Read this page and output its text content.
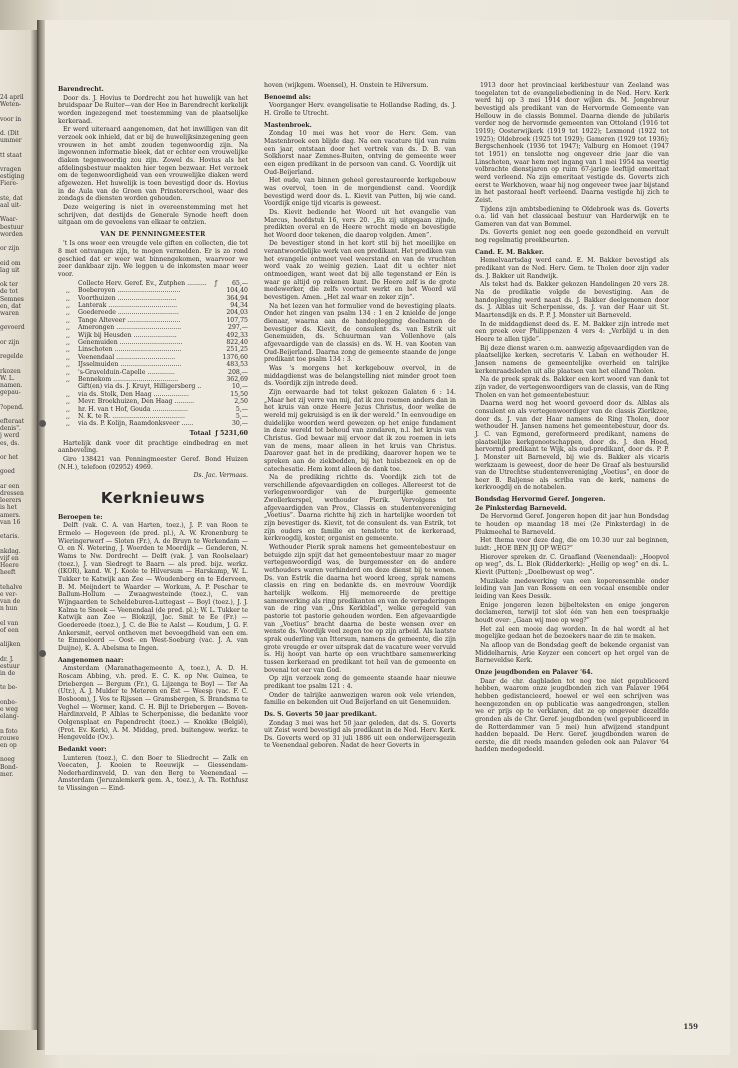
24 april
Weten-
voor in
d. (Dit
ummer
tt staat
vragen
estiging
Fiere-
ste, dat
aal uit-
Waar-
bestuur
worden
or zijn
eid om
lag uit
ok ter
de tot
Semnes
en, dat
waren
gevoerd
or zijn
regelde
rkozen
W. L.
namen.
gepau-
?opend.
efteraat
denis".
j werd
es, ds.
or het
goed
ar een
dressen
leerers
is het
amers.
van 16
etaris.
nkdag.
vijf en
Heere
heeft
tehalve
e ver-
van de
n hun
el van
of een
alijken
dr. J.
estuur
in de
te be-
onbe-
e weg
elang-
n foto
rouwe
en op
noeg
Bond-
mer.

Barendrecht.

Door ds. J. Hovius te Dordrecht zou het huwelijk van het bruidspaar De Ruiter—van der Hee in Barendrecht kerkelijk worden ingezegend met toestemming van de plaatselijke kerkeraad.

Er werd uiteraard aangenomen, dat het inwilligen van dit verzoek ook inhield, dat er bij de huwelijksinzegening geen vrouwen in het ambt zouden tegenwoordig zijn. Na ingewonnen informatie bleek, dat er echter een vrouwelijke diaken tegenwoordig zou zijn. Zowel ds. Hovius als het afdelingsbestuur maakten hier tegen bezwaar. Het verzoek om de tegenwoordigheid van een vrouwelijke diaken werd afgewezen. Het huwelijk is toen bevestigd door ds. Hovius in de Aula van de Groen van Prinstererschool, waar des zondags de diensten worden gehouden.

Deze weigering is niet in overeenstemming met het schrijven, dat destijds de Generale Synode heeft doen uitgaan om de gevoelens van elkaar te ontzien.

VAN DE PENNINGMEESTER

't Is ons weer een vreugde vele giften en collecten, die tot 8 met ontvangen zijn, te mogen vermelden. Er is zo rond geschied dat er weer wat binnengekomen, waarvoor we zeer dankbaar zijn. We leggen u de inkomsten maar weer voor.

	Collecte Herv. Geref. Ev., Zutphen ..........	ƒ	65,—
,,	Boeberoyen ................................		104,40
,,	Voorthuizen ..............................		364,94
,,	Lanterak ...................................		94,34
,,	Goedereede ...............................		204,03
,,	Tange Alteveer ...........................		107,75
,,	Amerongen .................................		297,—
,,	Wijk bij Heusden ......................		492,33
,,	Genemuiden ................................		822,40
,,	Linschoten ..................................		251,25
,,	Veenendaal ..............................		1376,60
,,	IJsselmuiden ...............................		483,53
,,	's-Gravelduin-Capelle ..............		208,—
,,	Bennekom .................................		362,69
	Gift(en) via ds. J. Kruyt, Hilligersberg ..		10,—
,,	via ds. Stolk, Den Haag ..................		15,50
,,	Mevr. Broekhuizen, Den Haag ..........		2,50
,,	hr. H. van t Hof, Gouda ..................		5,—
,,	N. K. te R. .....................................		5,—
,,	via ds. P. Kolijn, Raamdonksveer ......		30,—
Totaal ƒ 5231,60

Hartelijk dank voor dit prachtige eindbedrag en met aanbeveling.

Giro 138421 van Penningmeester Geref. Bond Huizen (N.H.), telefoon (02952) 4969.

Ds. Jac. Vermaas.
Kerknieuws

Beroepen te:

Delft (vak. C. A. van Harten, toez.), J. P. van Roon te Ermelo — Hogeveen (de pred. pl.), A. W. Kronenburg te Wieringerwerf — Sloten (Fr.), A. de Bruyn te Werkendam — O. en N. Wetering, J. Woerden te Moerdijk — Genderen, N. Wams te Nw. Dordrecht — Delft (vak. J. van Roolselaar) (toez.), J. van Siedregt te Baarn — als pred. bijz. werkz. (IKOR), kand. W. J. Koole te Hilversum — Harskamp, W. L. Tukker te Katwijk aan Zee — Woudenberg en te Ederveen, B. M. Meijndert te Waarder — Workum, A. P. Peschar te Ballum-Hollum — Zwaagwesteinde (toez.), C. van Wijngaarden te Scheldeburen-Luttegast — Boyl (toez.), J. J. Kalma te Sneek — Veenendaal (de pred. pl.); W. L. Tukker te Katwijk aan Zee — Blokzijl, Jac. Smit te Ee (Fr.) — Goedereede (toez.), J. C. de Bie te Aalst — Koudum, J. G. F. Ankersmit, eervol ontheven met bevoegdheid van een em. te Emmeloord — Oost- en West-Soeburg (vac. J. A. van Duijne), K. A. Abelsma te Ingen.

Aangenomen naar:

Amsterdam (Maranathagemeente A, toez.), A. D. H. Roscam Abbing, v.h. pred. E. C. K. op Nw. Guinea, te Driebergen — Bergum (Fr.), G. Lijzenga te Boyl — Ter Aa (Utr.), A. J. Mulder te Meteren en Est — Weesp (vac. F. C. Bosboom), J. Vos te Rijssen — Gramsbergen, S. Brandsma te Veghel — Wormer, kand. C. H. Bijl te Driebergen — Boven-Hardinxveld, P. Alblas te Scherpenisse, die bedankte voor Oolgensplaat en Papendrecht (toez.) — Knokke (België), (Prot. Ev. Kerk), A. M. Middag, pred. buitengew. werkz. te Hengevelde (Ov.).

Bedankt voor:

Lunteren (toez.), C. den Boer te Sliedrecht — Zalk en Veecaten, J. Kooien te Reeuwijk — Giessendam-Nederhardinxveld, D. van den Berg te Veenendaal — Amsterdam (Jeruzalemkerk gem. A., toez.), A. Th. Rothfusz te Vlissingen — Eind-

hoven (wijkgem. Woensel), H. Onstein te Hilversum.

Benoemd als:

Voorganger Herv. evangelisatie te Hollandse Rading, ds. J. H. Grolle te Utrecht.

Mastenbroek.

Zondag 10 mei was het voor de Herv. Gem. van Mastenbroek een blijde dag. Na een vacature tijd van ruim een jaar, ontstaan door het vertrek van ds. D. B. van Solkhorst naar Zemnes-Buiten, ontving de gemeente weer een eigen predikant in de persoon van cand. G. Voordijk uit Oud-Beijerland.

Het oude, van binnen geheel gerestaureerde kerkgebouw was overvol, toen in de morgendienst cand. Voordijk bevestigd werd door ds. L. Kievit van Putten, bij wie cand. Voordijk enige tijd vicaris is geweest.

Ds. Kievit bediende het Woord uit het evangelie van Marcus, hoofdstuk 16, vers 20. „En zij uitgegaan zijnde, predikten overal en de Heere wrocht mede en bevestigde het Woord door tekenen, die daarop volgden. Amen”.

De bevestiger stond in het kort stil bij het moeilijke en verantwoordelijke werk van een predikant. Het prediken van het evangelie ontmoet veel weerstand en van de vruchten word vaak zo weinig gezien. Laat dit u echter niet ontmoedigen, want weet dat bij alle tegenstand er Eén is waar ge altijd op rekenen kunt. De Heere zelf is de grote medewerker, die zelfs voortuit werkt en het Woord wil bevestigen. Amen. „Het zal waar en zeker zijn”.

Na het lezen van het formulier vond de bevestiging plaats. Onder het zingen van psalm 134 : 1 en 2 knielde de jonge dienaar, waarna aan de handoplegging deelnamen de bevestiger ds. Kievit, de consulent ds. van Estrik uit Genemuiden, ds. Schuurman van Vollenhove (als afgevaardigde van de classis) en ds. W. H. van Kooten van Oud-Beijerland. Daarna zong de gemeente staande de jonge predikant toe psalm 134 : 3.

Was 's morgens het kerkgebouw overvol, in de middagdienst was de belangstelling niet minder groot toen ds. Voordijk zijn intrede deed.

Zijn eerwaarde had tot tekst gekozen Galaten 6 : 14. „Maar het zij verre van mij, dat ik zou roemen anders dan in het kruis van onze Heere Jezus Christus, door welke de wereld mij gekruisigd is en ik der wereld.” In eenvoudige en duidelijke woorden werd gewezen op het enige fundament in deze wereld tot behoud van zondaren, n.l. het kruis van Christus. God bewaar mij ervoor dat ik zou roemen in iets van de mens, maar alleen in het kruis van Christus. Daarover gaat het in de prediking, daarover hopen we te spreken aan de ziekbedden, bij het huisbezoek en op de catechesatie. Hem komt alleen de dank toe.

Na de prediking richtte ds. Voordijk zich tot de verschillende afgevaardigden en colleges. Allereerst tot de verlegenwoordiger van de burgerlijke gemeente Zwollerkerspel, wethouder Pierik. Vervolgens tot afgevaardigden van Prov., Classis en studentenvereniging „Voetius”. Daarna richtte hij zich in hartelijke woorden tot zijn bevestiger ds. Kievit, tot de consulent ds. van Estrik, tot zijn ouders en familie en tenslotte tot de kerkeraad, kerkvoogdij, koster, organist en gemeente.

Wethouder Pierik sprak namens het gemeentebestuur en betuigde zijn spijt dat het gemeentebestuur maar zo mager vertegenwoordigd was, de burgemeester en de andere wethouders waren verhinderd om deze dienst bij te wonen. Ds. van Estrik die daarna het woord kreeg, sprak namens classis en ring en bedankte ds. en mevrouw Voordijk hartelijk welkom. Hij memoreerde de prettige samenwerking als ring predikanten en van de verpaderingen van de ring van „Ons Kerkblad”, welke geregeld van pastorie tot pastorie gehouden worden. Een afgevaardigde van „Voetius” bracht daarna de beste wensen over en wenste ds. Voordijk veel zegen toe op zijn arbeid. Als laatste sprak ouderling van Ittersum, namens de gemeente, die zijn grote vreugde er over uitsprak dat de vacature weer vervuld is. Hij hoopt van harte op een vruchtbare samenwerking tussen kerkeraad en predikant tot heil van de gemeente en bovenal tot eer van God.

Op zijn verzoek zong de gemeente staande haar nieuwe predikant toe psalm 121 : 4.

Onder de talrijke aanwezigen waren ook vele vrienden, familie en bekenden uit Oud Beijerland en uit Genemuiden.

Ds. S. Goverts 50 jaar predikant.

Zondag 3 mei was het 50 jaar geleden, dat ds. S. Goverts uit Zeist werd bevestigd als predikant in de Ned. Herv. Kerk. Ds. Goverts werd op 31 juli 1886 uit een onderwijzersgezin te Veenendaal geboren. Nadat de heer Goverts in

1913 door het provinciaal kerkbestuur van Zeeland was toegelaten tot de evangeliebediening in de Ned. Herv. Kerk werd hij op 3 mei 1914 door wijlen ds. M. Jongebreur bevestigd als predikant van de Hervormde Gemeente van Hellouw in de classis Bommel. Daarna diende de jubilaris verder nog de hervormde gemeenten van Ottoland (1916 tot 1919); Oosterwijkerk (1919 tot 1922); Lexmond (1922 tot 1925); Oldebroek (1925 tot 1929); Gameren (1929 tot 1936); Bergschenhoek (1936 tot 1947); Valburg en Homoet (1947 tot 1951) en tenslotte nog ongeveer drie jaar die van Linschoten, waar hem met ingang van 1 mei 1954 na veertig volbrachte dienstjaren op ruim 67-jarige leeftijd emeritaat werd verleend. Na zijn emeritaat vestigde ds. Goverts zich eerst te Werkhoven, waar hij nog ongeveer twee jaar bijstand in het pastoraal heeft verleend. Daarna vestigde hij zich te Zeist.

Tijdens zijn ambtsbediening te Oldebroek was ds. Goverts o.a. lid van het classicaal bestuur van Harderwijk en te Gameren van dat van Bommel.

Ds. Goverts geniet nog een goede gezondheid en vervult nog regelmatig preekbeurten.

Cand. E. M. Bakker.

Hemelvaartsdag werd cand. E. M. Bakker bevestigd als predikant van de Ned. Herv. Gem. te Tholen door zijn vader ds. J. Bakker uit Randwijk.

Als tekst had ds. Bakker gekozen Handelingen 20 vers 28. Na de predikatie volgde de bevestiging. Aan de handoplegging werd naast ds. J. Bakker deelgenomen door ds. J. Alblas uit Scherpenisse, ds. J. van der Haar uit St. Maartensdijk en ds. P. P. J. Monster uit Barneveld.

In de middagdienst deed ds. E. M. Bakker zijn intrede met een preek over Philippenzen 4 vers 4: „Verblijd u in den Heere te allen tijde”.

Bij deze dienst waren o.m. aanwezig afgevaardigden van de plaatselijke kerken, secretaris V. Laban en wethouder H. Jansen namens de gemeentelijke overheid en talrijke kerkenraadsleden uit alle plaatsen van het eiland Tholen.

Na de preek sprak ds. Bakker een kort woord van dank tot zijn vader, de vertegenwoordigers van de classis, van de Ring Tholen en van het gemeentebestuur.

Daarna werd nog het woord gevoerd door ds. Alblas als consulent en als vertegenwoordiger van de classis Zierikzee, door ds. J. van der Haar namens de Ring Tholen, door wethouder H. Jansen namens het gemeentebestuur, door ds. J. C. van Egmond, gereformeerd predikant, namens de plaatselijke kerkgenootschappen, door ds. J. den Hoed, hervormd predikant te Wijk, als oud-predikant, door ds. P. P. J. Monster uit Barneveld, bij wie ds. Bakker als vicaris werkzaam is geweest, door de heer De Graaf als bestuurslid van de Utrechtse studentenvereniging „Voetius”, en door de heer B. Baljense als scriba van de kerk, namens de kerkvoogdij en de notabelen.

Bondsdag Hervormd Geref. Jongeren.

2e Pinksterdag Barneveld.

De Hervormd Geref. Jongeren hopen dit jaar hun Bondsdag te houden op maandag 18 mei (2e Pinksterdag) in de Plukmeehal te Barneveld.

Het thema voor deze dag, die om 10.30 uur zal beginnen, luidt: „HOE BEN JIJ OP WEG?”

Hierover spreken dr. C. Graafland (Veenendaal): „Hoopvol op weg”, ds. L. Blok (Ridderkerk): „Heilig op weg” en ds. L. Kievit (Putten): „Doelbewust op weg”.

Muzikale medewerking van een koperensemble onder leiding van Jan van Rossem en een vocaal ensemble onder leiding van Kees Dessik.

Enige jongeren lezen bijbelteksten en enige jongeren declameren, terwijl tot slot één van hen een toespraakje houdt over: „Gaan wij mee op weg?”

Het zal een mooie dag worden. In de hal wordt al het mogelijke gedaan het de bezoekers naar de zin te maken.

Na afloop van de Bondsdag geeft de bekende organist van Middelharnis, Arie Keyzer een concert op het orgel van de Barneveldse Kerk.

Onze jeugdbonden en Palaver '64.

Daar de chr. dagbladen tot nog toe niet gepubliceerd hebben, waarom onze jeugdbonden zich van Palaver 1964 hebben gedistancieerd, hoewel er wel een schrijven was heengezonden en op publicatie was aangedrongen, stellen we er prijs op te verklaren, dat ze op ongeveer dezelfde gronden als de Chr. Geref. jeugdbonden (wel gepubliceerd in de Rotterdammer van 5 mei) hun afwijzend standpunt hadden bepaald. De Herv. Geref. jeugdbonden waren de eerste, die dit reeds maanden geleden ook aan Palaver '64 hadden medegedeeld.

159
